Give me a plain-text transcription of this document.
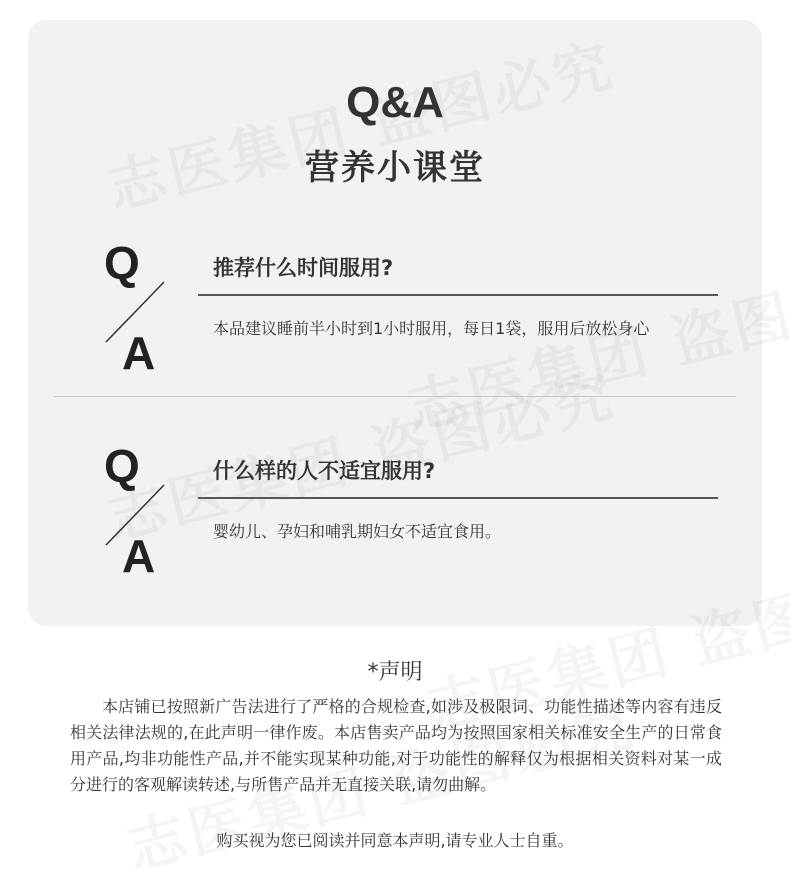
Q&A
营养小课堂
Q
A
推荐什么时间服用?
本品建议睡前半小时到1小时服用，每日1袋，服用后放松身心
Q
A
什么样的人不适宜服用?
婴幼儿、孕妇和哺乳期妇女不适宜食用。
*声明
本店铺已按照新广告法进行了严格的合规检查,如涉及极限词、功能性描述等内容有违反相关法律法规的,在此声明一律作废。本店售卖产品均为按照国家相关标准安全生产的日常食用产品,均非功能性产品,并不能实现某种功能,对于功能性的解释仅为根据相关资料对某一成分进行的客观解读转述,与所售产品并无直接关联,请勿曲解。
购买视为您已阅读并同意本声明,请专业人士自重。
